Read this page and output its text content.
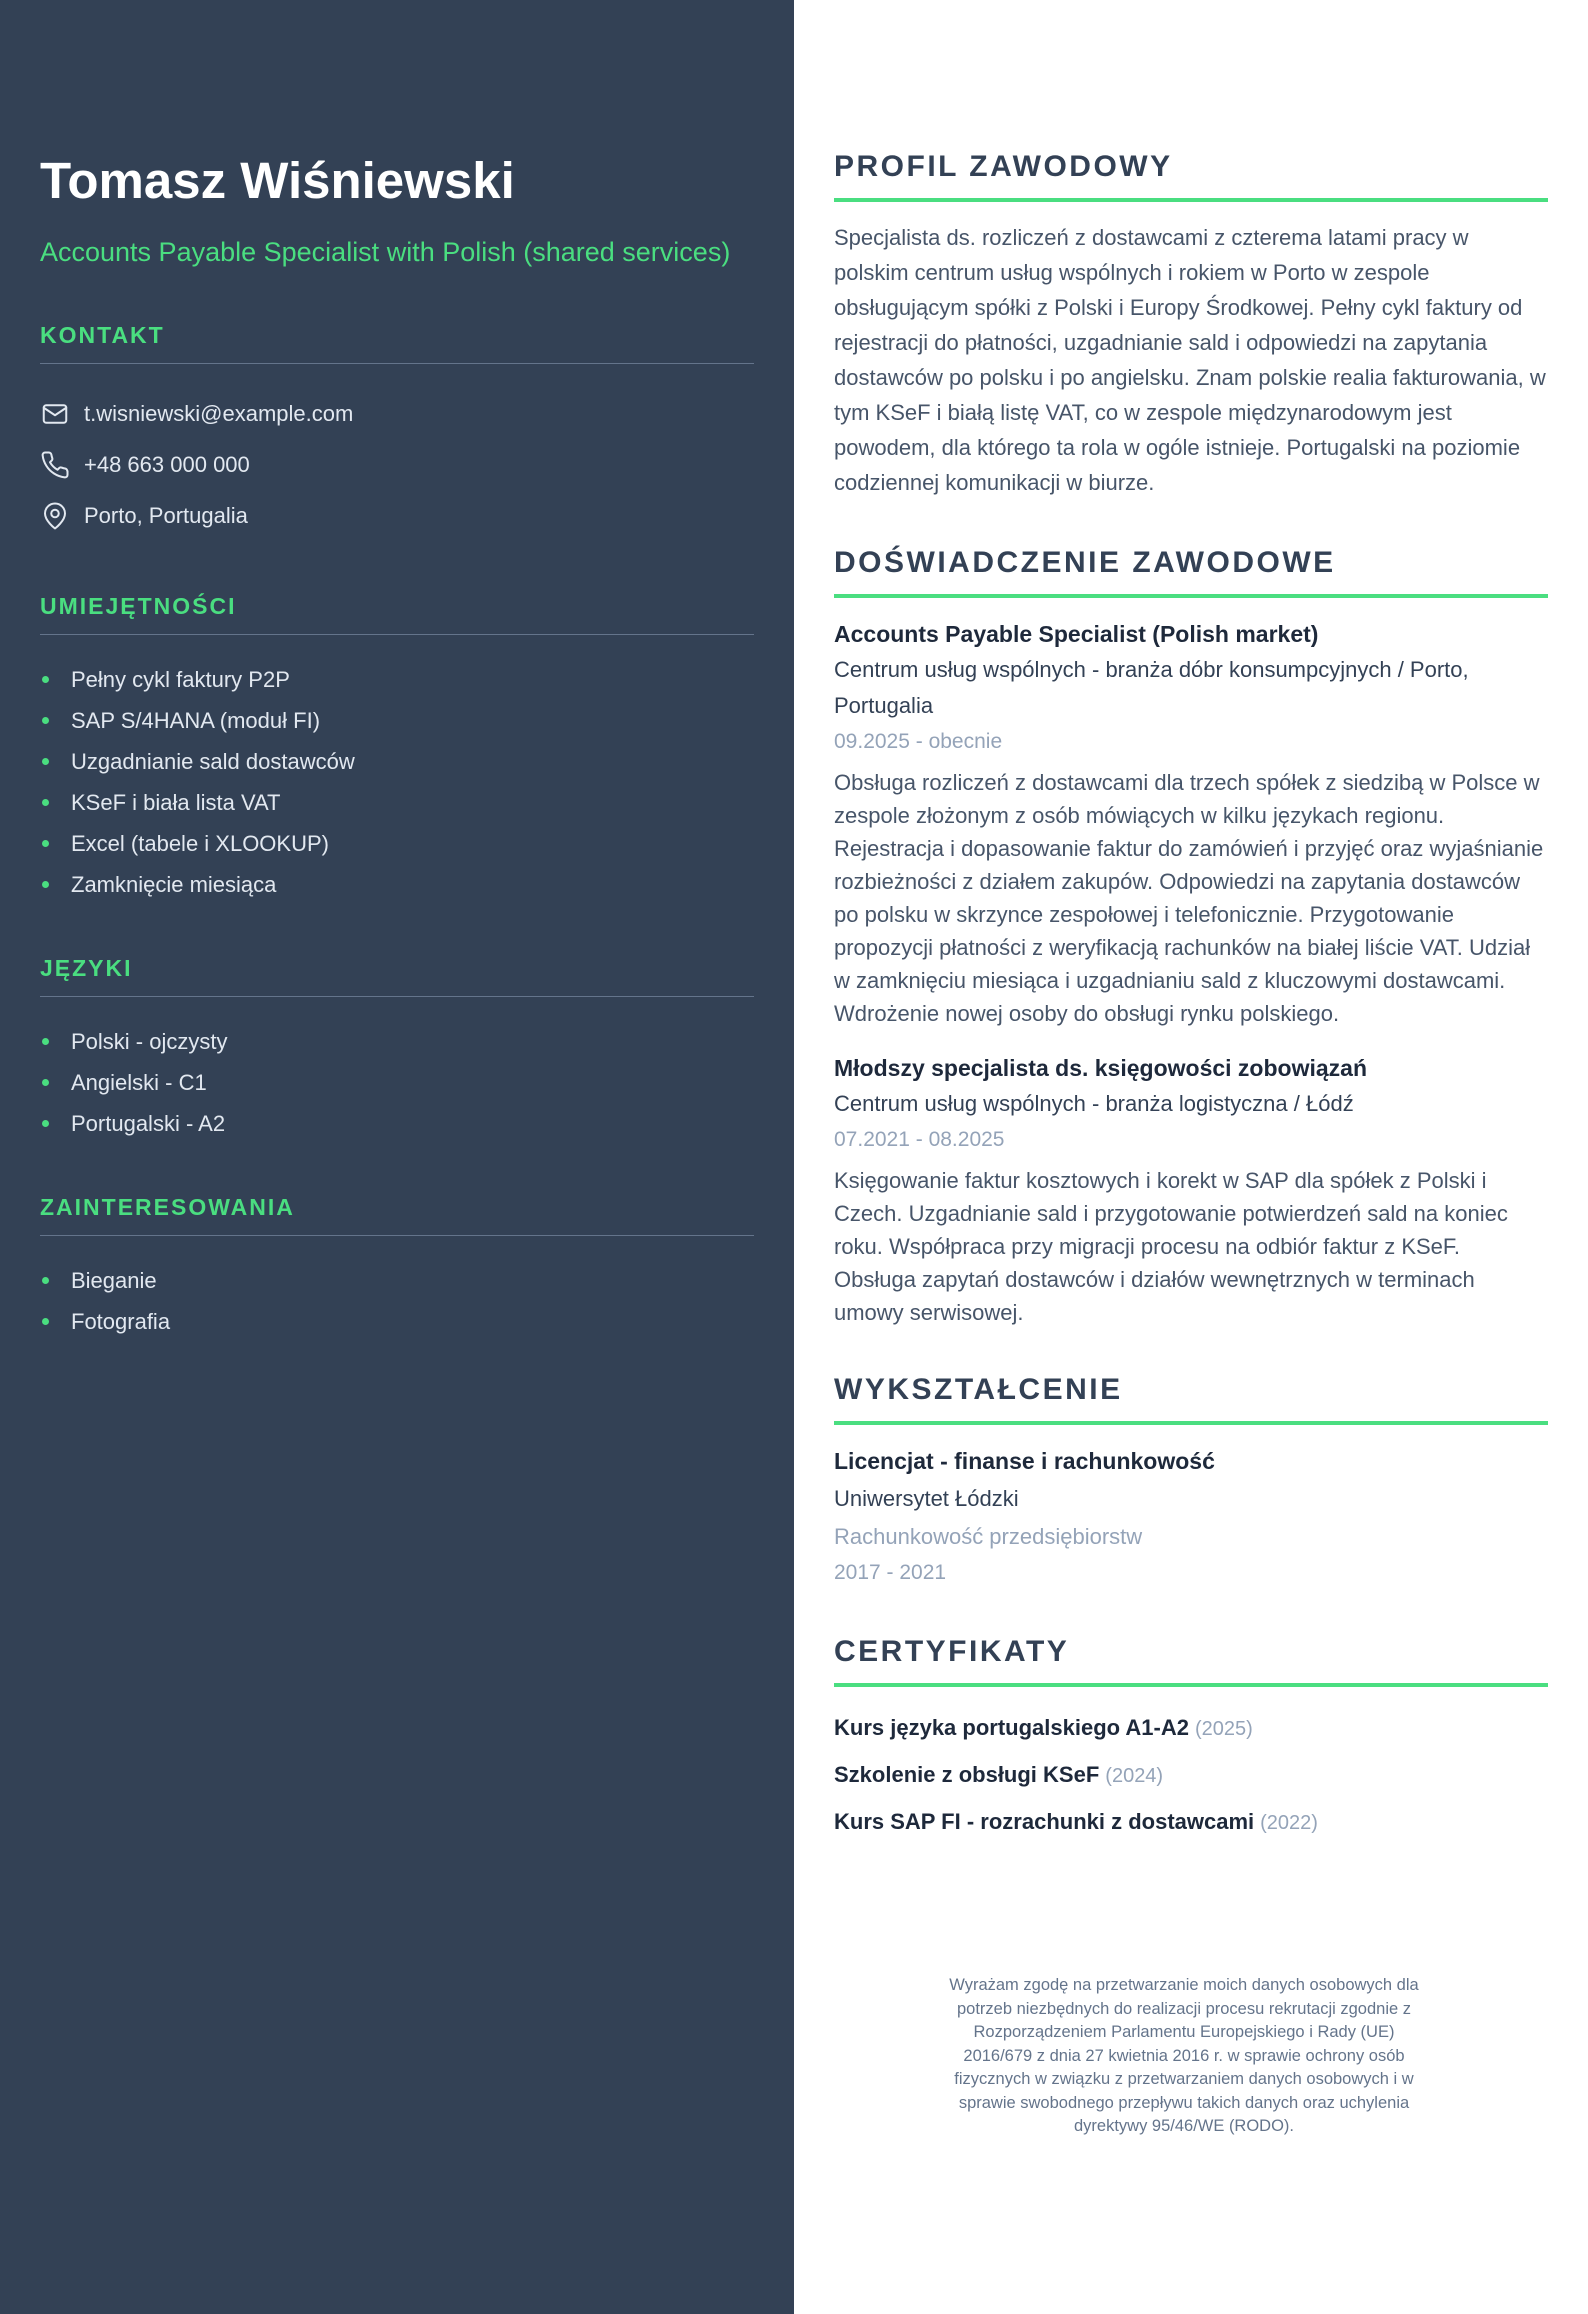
Tomasz Wiśniewski
Accounts Payable Specialist with Polish (shared services)
KONTAKT
t.wisniewski@example.com
+48 663 000 000
Porto, Portugalia
UMIEJĘTNOŚCI
Pełny cykl faktury P2P
SAP S/4HANA (moduł FI)
Uzgadnianie sald dostawców
KSeF i biała lista VAT
Excel (tabele i XLOOKUP)
Zamknięcie miesiąca
JĘZYKI
Polski - ojczysty
Angielski - C1
Portugalski - A2
ZAINTERESOWANIA
Bieganie
Fotografia
PROFIL ZAWODOWY
Specjalista ds. rozliczeń z dostawcami z czterema latami pracy w polskim centrum usług wspólnych i rokiem w Porto w zespole obsługującym spółki z Polski i Europy Środkowej. Pełny cykl faktury od rejestracji do płatności, uzgadnianie sald i odpowiedzi na zapytania dostawców po polsku i po angielsku. Znam polskie realia fakturowania, w tym KSeF i białą listę VAT, co w zespole międzynarodowym jest powodem, dla którego ta rola w ogóle istnieje. Portugalski na poziomie codziennej komunikacji w biurze.
DOŚWIADCZENIE ZAWODOWE
Accounts Payable Specialist (Polish market)
Centrum usług wspólnych - branża dóbr konsumpcyjnych / Porto, Portugalia
09.2025 - obecnie
Obsługa rozliczeń z dostawcami dla trzech spółek z siedzibą w Polsce w zespole złożonym z osób mówiących w kilku językach regionu. Rejestracja i dopasowanie faktur do zamówień i przyjęć oraz wyjaśnianie rozbieżności z działem zakupów. Odpowiedzi na zapytania dostawców po polsku w skrzynce zespołowej i telefonicznie. Przygotowanie propozycji płatności z weryfikacją rachunków na białej liście VAT. Udział w zamknięciu miesiąca i uzgadnianiu sald z kluczowymi dostawcami. Wdrożenie nowej osoby do obsługi rynku polskiego.
Młodszy specjalista ds. księgowości zobowiązań
Centrum usług wspólnych - branża logistyczna / Łódź
07.2021 - 08.2025
Księgowanie faktur kosztowych i korekt w SAP dla spółek z Polski i Czech. Uzgadnianie sald i przygotowanie potwierdzeń sald na koniec roku. Współpraca przy migracji procesu na odbiór faktur z KSeF. Obsługa zapytań dostawców i działów wewnętrznych w terminach umowy serwisowej.
WYKSZTAŁCENIE
Licencjat - finanse i rachunkowość
Uniwersytet Łódzki
Rachunkowość przedsiębiorstw
2017 - 2021
CERTYFIKATY
Kurs języka portugalskiego A1-A2 (2025)
Szkolenie z obsługi KSeF (2024)
Kurs SAP FI - rozrachunki z dostawcami (2022)
Wyrażam zgodę na przetwarzanie moich danych osobowych dla potrzeb niezbędnych do realizacji procesu rekrutacji zgodnie z Rozporządzeniem Parlamentu Europejskiego i Rady (UE) 2016/679 z dnia 27 kwietnia 2016 r. w sprawie ochrony osób fizycznych w związku z przetwarzaniem danych osobowych i w sprawie swobodnego przepływu takich danych oraz uchylenia dyrektywy 95/46/WE (RODO).
